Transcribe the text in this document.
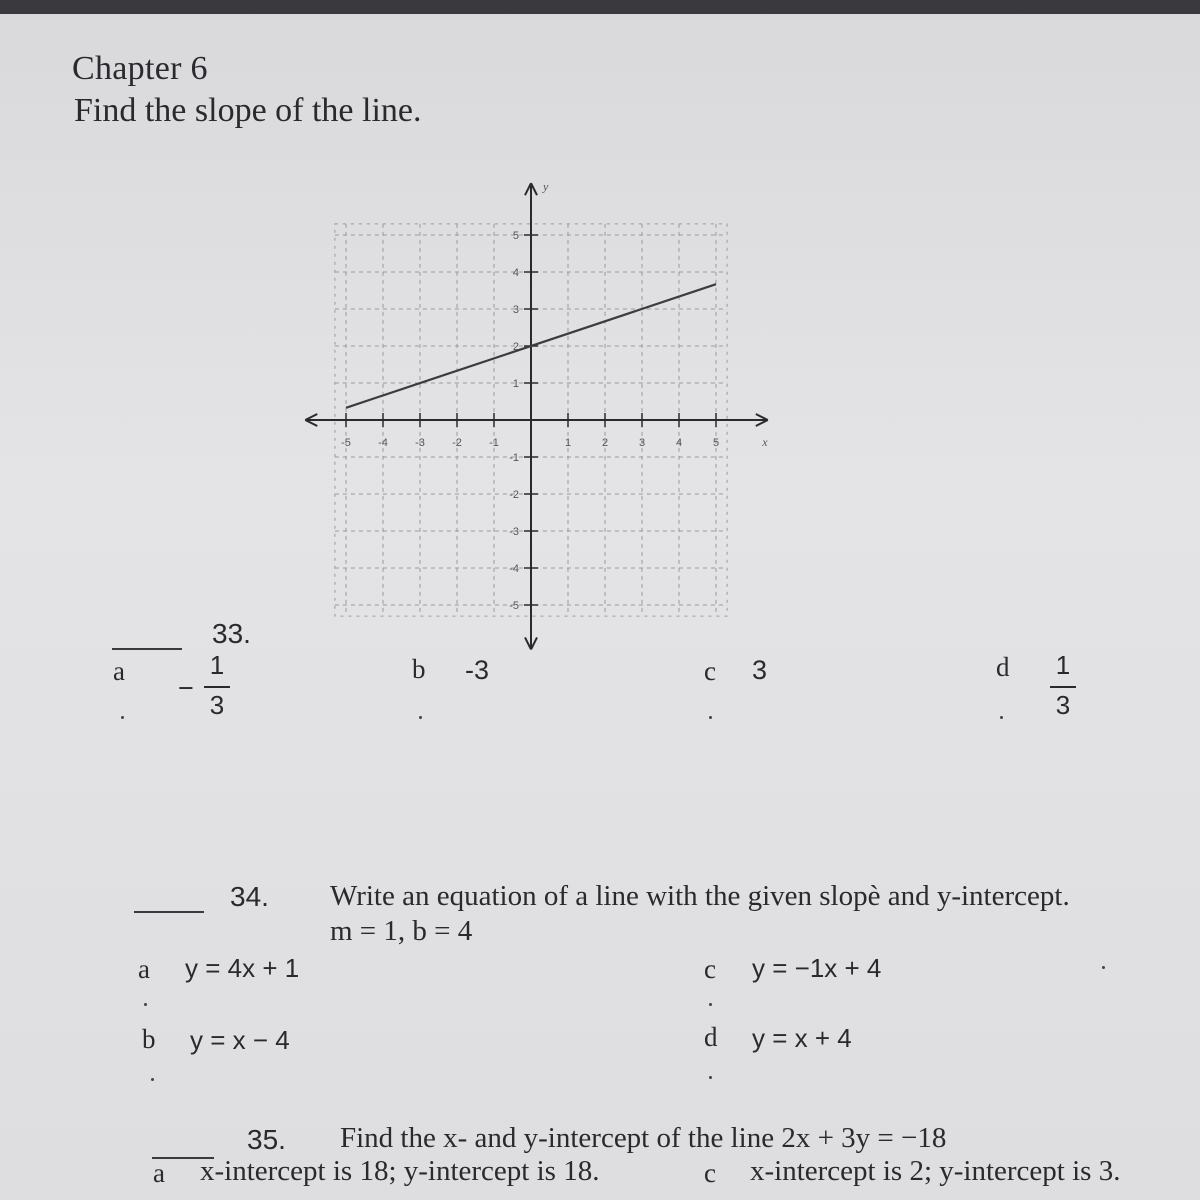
Chapter 6
Find the slope of the line.
-5 -4 -3 -2 -1	1	2	3	4	5
5
4
3
2
1
-1
-2
-3
-4
-5
x
y
33.
a
−
1
3
b -3	c 3	d	1
3
34. Write an equation of a line with the given slopè and y-intercept.
m = 1, b = 4
a y = 4x + 1	c y = −1x + 4
b y = x − 4	d y = x + 4
35. Find the x- and y-intercept of the line 2x + 3y = −18
a x-intercept is 18; y-intercept is 18.	c x-intercept is 2; y-intercept is 3.
